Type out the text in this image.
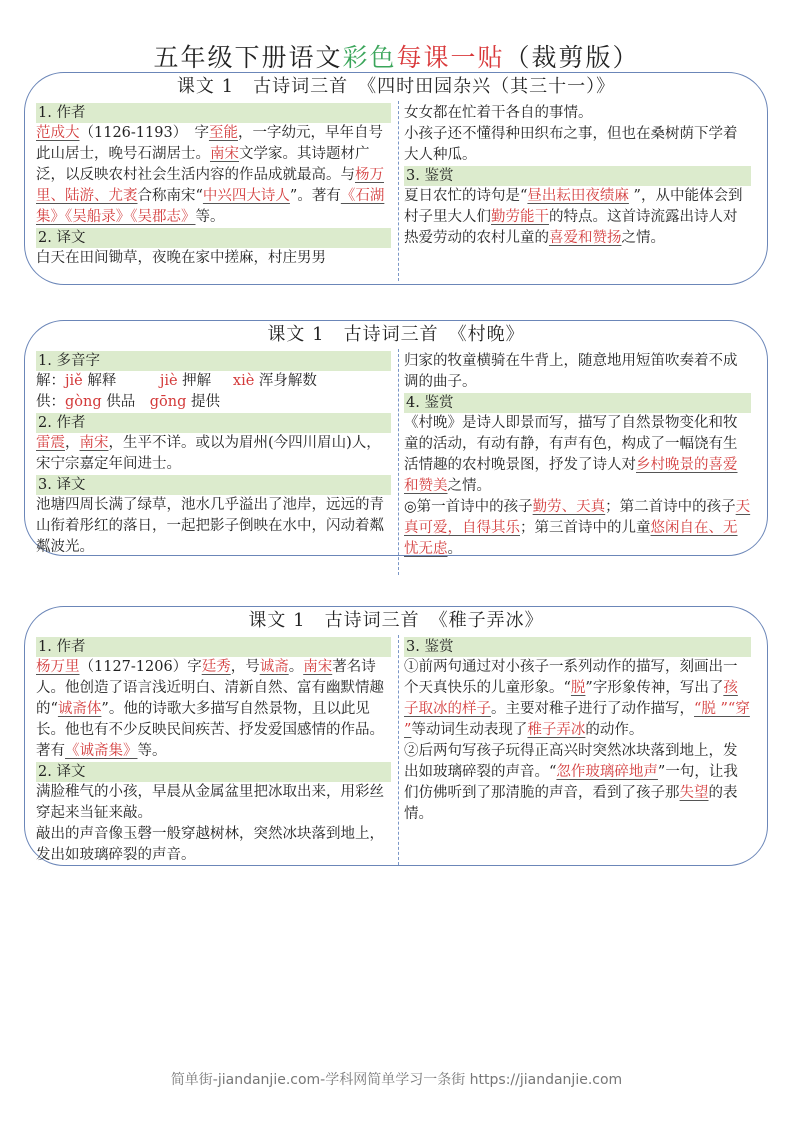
五年级下册语文彩色每课一贴（裁剪版）
课文 1　古诗词三首　《四时田园杂兴（其三十一）》
1. 作者
范成大（1126-1193）　字至能，一字幼元，早年自号此山居士，晚号石湖居士。南宋文学家。其诗题材广泛，以反映农村社会生活内容的作品成就最高。与杨万里、陆游、尤袤合称南宋“中兴四大诗人”。著有《石湖集》《吴船录》《吴郡志》等。
2. 译文
白天在田间锄草，夜晚在家中搓麻，村庄男男
女女都在忙着干各自的事情。
小孩子还不懂得种田织布之事，但也在桑树荫下学着大人种瓜。
3. 鉴赏
夏日农忙的诗句是“昼出耘田夜绩麻 ”，从中能体会到村子里大人们勤劳能干的特点。这首诗流露出诗人对热爱劳动的农村儿童的喜爱和赞扬之情。
课文 1　古诗词三首　《村晚》
1. 多音字
解：jiě 解释   	jiè 押解   xiè 浑身解数
供：gòng 供品  gōng 提供
2. 作者
雷震，南宋，生平不详。或以为眉州(今四川眉山)人，宋宁宗嘉定年间进士。
3. 译文
池塘四周长满了绿草，池水几乎溢出了池岸，远远的青山衔着彤红的落日，一起把影子倒映在水中，闪动着粼粼波光。
归家的牧童横骑在牛背上，随意地用短笛吹奏着不成调的曲子。
4. 鉴赏
《村晚》是诗人即景而写，描写了自然景物变化和牧童的活动，有动有静，有声有色，构成了一幅饶有生活情趣的农村晚景图，抒发了诗人对乡村晚景的喜爱和赞美之情。
◎第一首诗中的孩子勤劳、天真；第二首诗中的孩子天真可爱，自得其乐；第三首诗中的儿童悠闲自在、无忧无虑。
课文 1　古诗词三首　《稚子弄冰》
1. 作者
杨万里（1127-1206）字廷秀，号诚斋。南宋著名诗人。他创造了语言浅近明白、清新自然、富有幽默情趣的“诚斋体”。他的诗歌大多描写自然景物，且以此见长。他也有不少反映民间疾苦、抒发爱国感情的作品。著有《诚斋集》等。
2. 译文
满脸稚气的小孩，早晨从金属盆里把冰取出来，用彩丝穿起来当钲来敲。
敲出的声音像玉磬一般穿越树林，突然冰块落到地上，发出如玻璃碎裂的声音。
3. 鉴赏
①前两句通过对小孩子一系列动作的描写，刻画出一个天真快乐的儿童形象。“脱”字形象传神，写出了孩子取冰的样子。主要对稚子进行了动作描写，“脱 ”“穿 ”等动词生动表现了稚子弄冰的动作。
②后两句写孩子玩得正高兴时突然冰块落到地上，发出如玻璃碎裂的声音。“忽作玻璃碎地声”一句，让我们仿佛听到了那清脆的声音，看到了孩子那失望的表情。
简单街-jiandanjie.com-学科网简单学习一条街 https://jiandanjie.com
